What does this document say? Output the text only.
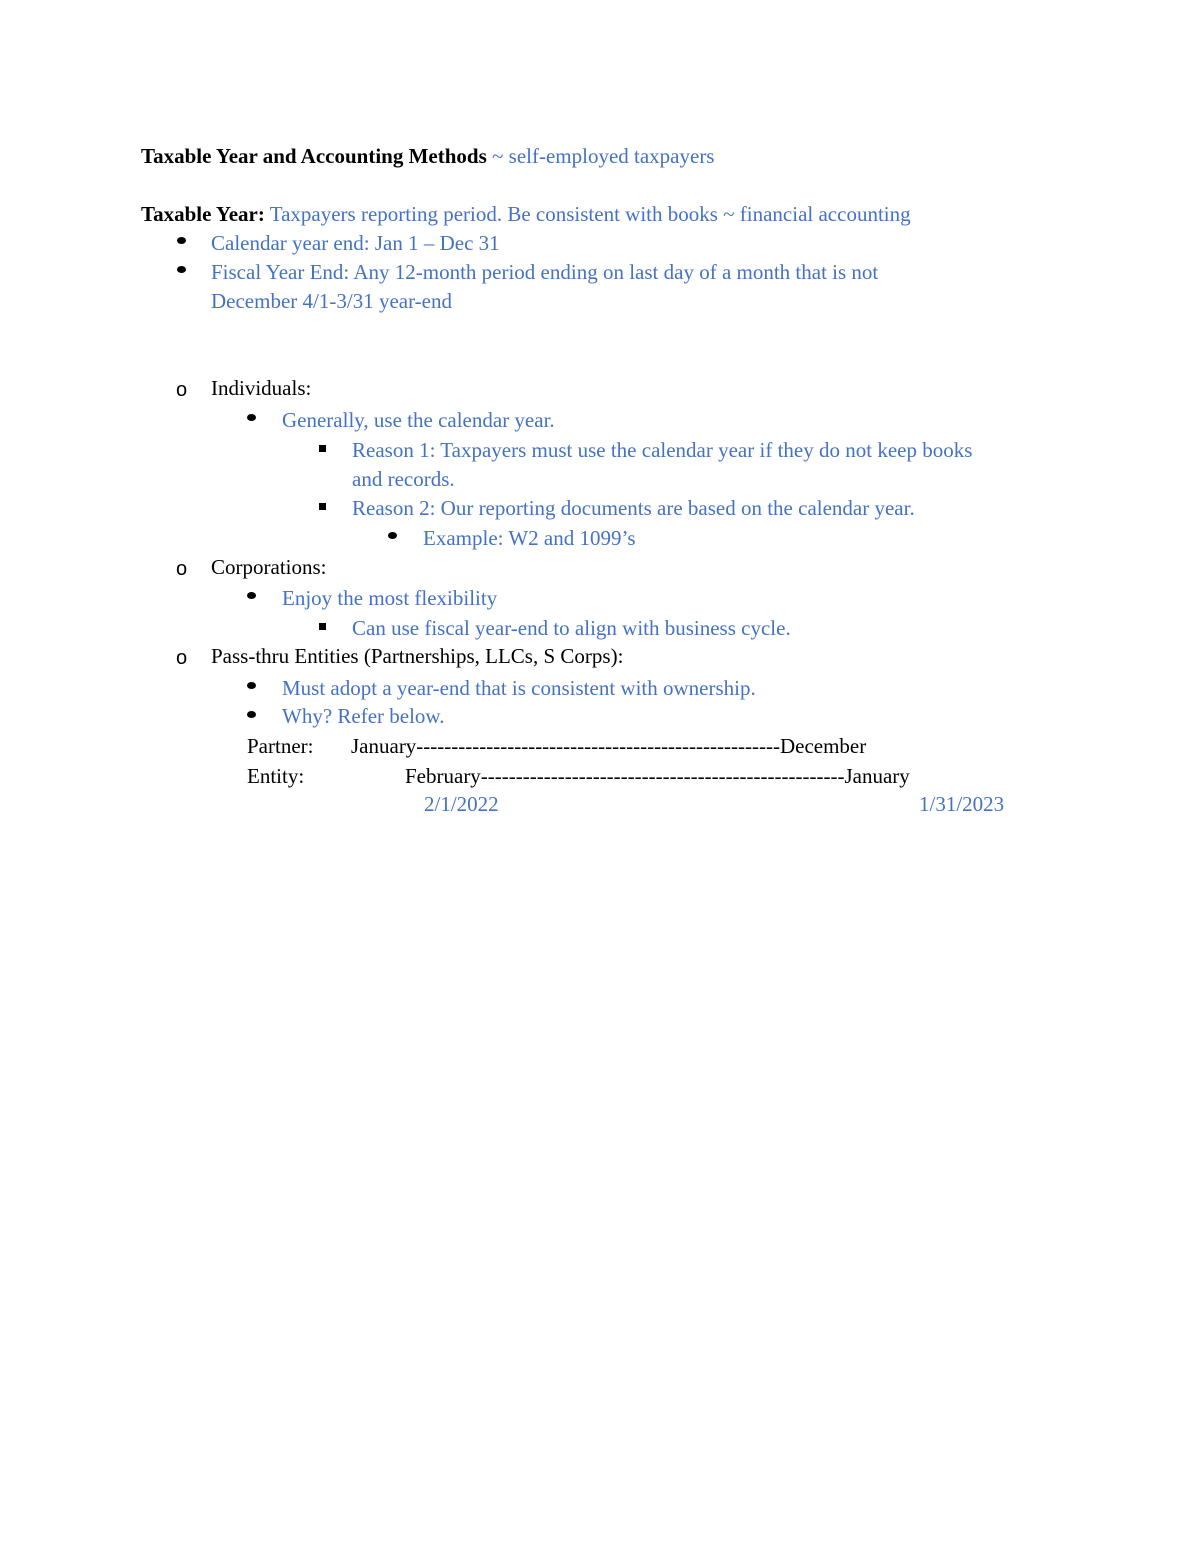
Taxable Year and Accounting Methods ~ self-employed taxpayers
Taxable Year: Taxpayers reporting period. Be consistent with books ~ financial accounting
Calendar year end: Jan 1 – Dec 31
Fiscal Year End: Any 12-month period ending on last day of a month that is not
December 4/1-3/31 year-end
o Individuals:
Generally, use the calendar year.
Reason 1: Taxpayers must use the calendar year if they do not keep books
and records.
Reason 2: Our reporting documents are based on the calendar year.
Example: W2 and 1099’s
o Corporations:
Enjoy the most flexibility
Can use fiscal year-end to align with business cycle.
o Pass-thru Entities (Partnerships, LLCs, S Corps):
Must adopt a year-end that is consistent with ownership.
Why? Refer below.
Partner: January----------------------------------------------------December
Entity:	February----------------------------------------------------January
2/1/2022	1/31/2023
